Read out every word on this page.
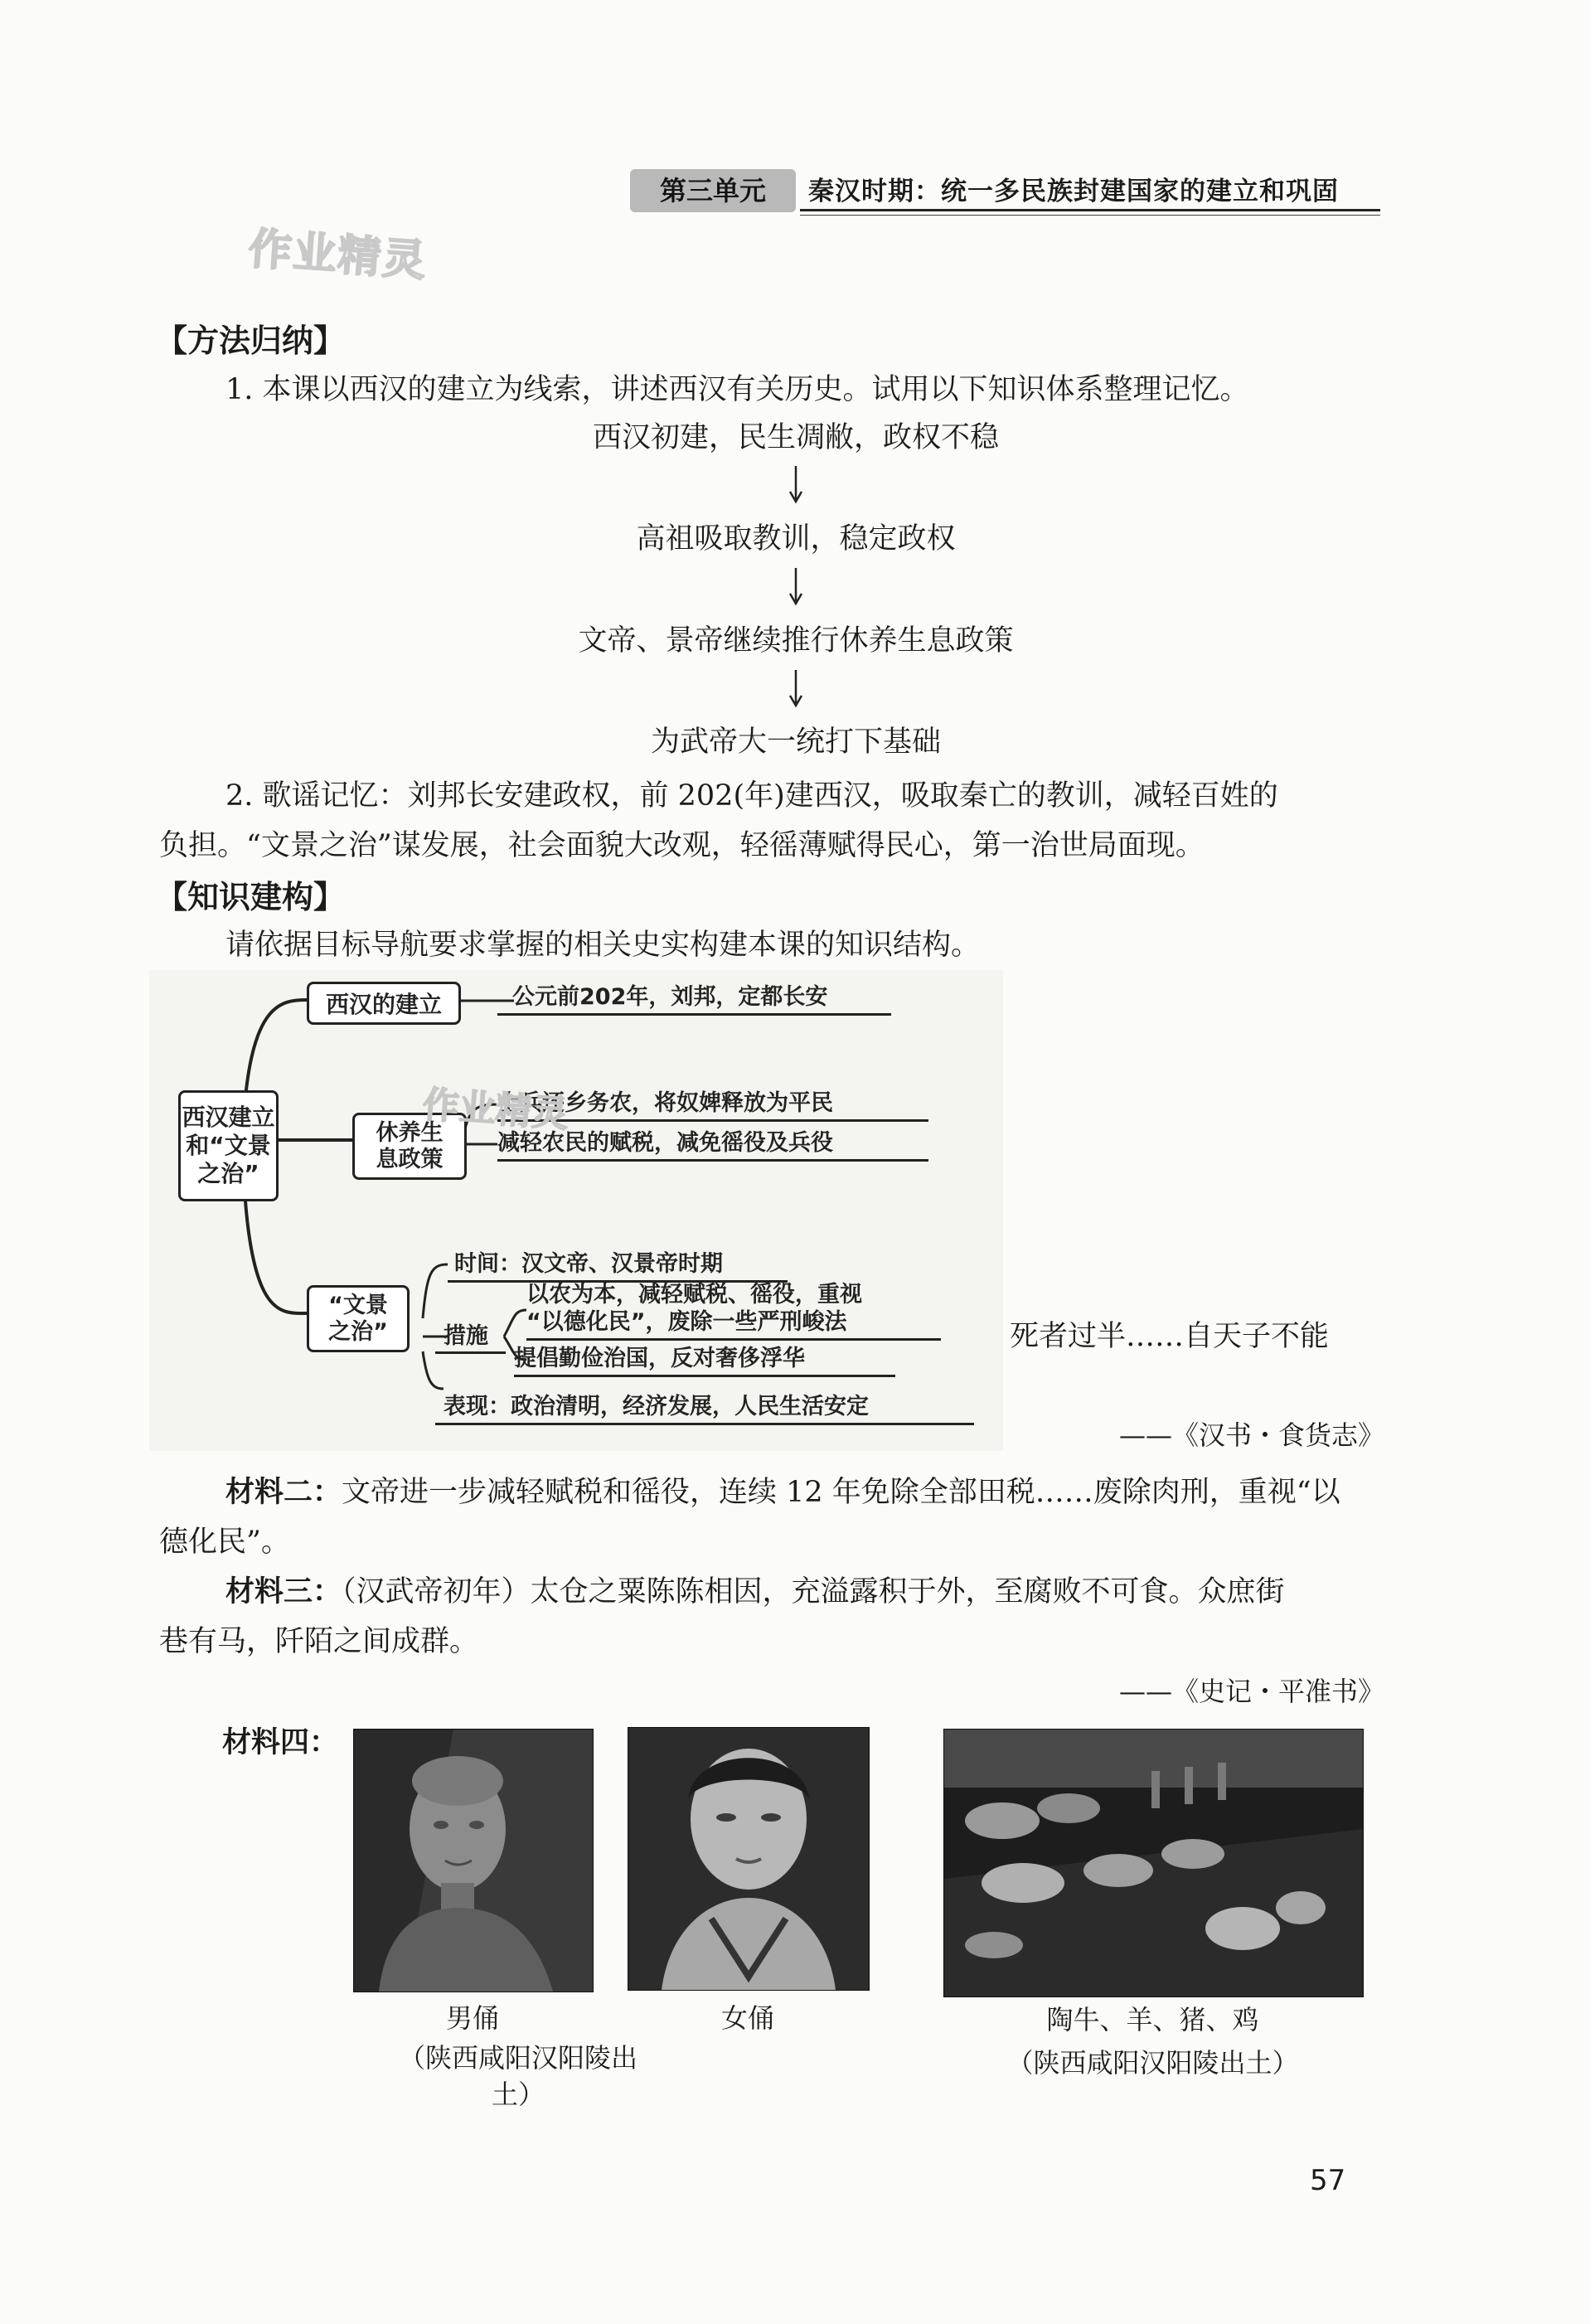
第三单元	秦汉时期：统一多民族封建国家的建立和巩固
作业精灵
【方法归纳】
1. 本课以西汉的建立为线索，讲述西汉有关历史。试用以下知识体系整理记忆。
西汉初建，民生凋敝，政权不稳
高祖吸取教训，稳定政权
文帝、景帝继续推行休养生息政策
为武帝大一统打下基础
2. 歌谣记忆：刘邦长安建政权，前 202(年)建西汉，吸取秦亡的教训，减轻百姓的
负担。“文景之治”谋发展，社会面貌大改观，轻徭薄赋得民心，第一治世局面现。
【知识建构】
请依据目标导航要求掌握的相关史实构建本课的知识结构。
西汉建立
和“文景
之治”
西汉的建立	公元前202年，刘邦，定都长安
休养生
息政策
士兵还乡务农，将奴婢释放为平民
减轻农民的赋税，减免徭役及兵役
“文景
之治”
时间：汉文帝、汉景帝时期
措施
以农为本，减轻赋税、徭役，重视
“以德化民”，废除一些严刑峻法
提倡勤俭治国，反对奢侈浮华
表现：政治清明，经济发展，人民生活安定
作业精灵
死者过半……自天子不能
——《汉书・食货志》
材料二：文帝进一步减轻赋税和徭役，连续 12 年免除全部田税……废除肉刑，重视“以
德化民”。
材料三：（汉武帝初年）太仓之粟陈陈相因，充溢露积于外，至腐败不可食。众庶街
巷有马，阡陌之间成群。
——《史记・平准书》
材料四：
男俑
（陕西咸阳汉阳陵出土）
女俑	陶牛、羊、猪、鸡
（陕西咸阳汉阳陵出土）
57
